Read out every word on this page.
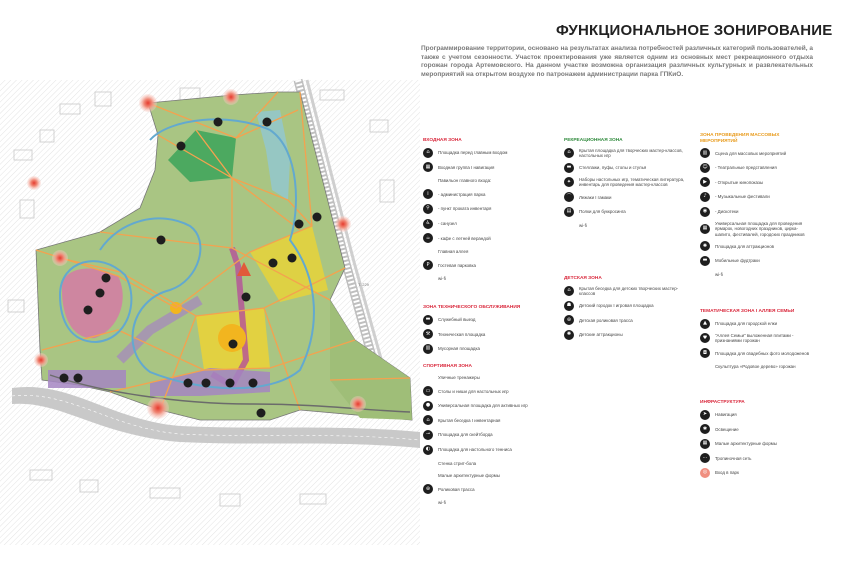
Т. 229
ФУНКЦИОНАЛЬНОЕ ЗОНИРОВАНИЕ
Программирование территории, основано на результатах анализа потребностей различных категорий пользователей, а также с учетом сезонности. Участок проектирования уже является одним из основных мест рекреационного отдыха горожан города Артемовского. На данном участке возможна организация различных культурных и развлекательных мероприятий на открытом воздухе по патронажем администрации парка ГПКиО.
ВХОДНАЯ ЗОНА
⌂	Площадка перед главным входом
▦	Входная группа I навигация
Павильон главного входа:
i	- администрация парка
⚲	- пункт проката инвентаря
♿	- санузел
☕	- кафе с летней верандой
Главная аллея
P	Гостевая парковка
wi-fi
ЗОНА ТЕХНИЧЕСКОГО ОБСЛУЖИВАНИЯ
▬	Служебный выезд
⚒	Техническая площадка
▥	Мусорная площадка
СПОРТИВНАЯ ЗОНА
Уличные тренажеры
▭	Столы и ниши для настольных игр
●	Универсальная площадка для активных игр
⌂	Крытая беседка I инвентарная
⊸	Площадка для скейтборда
◐	Площадка для настольного тенниса
Стенка стрит-бола
Малые архитектурные формы
⊛	Роликовая трасса
wi-fi
РЕКРЕАЦИОННАЯ ЗОНА
⌂	Крытая площадка для творческих мастер-классов, настольных игр
▬	Стеллажи, пуфы, столы и стулья
✦	Наборы настольных игр, тематическая литература, инвентарь для проведения мастер-классов
⌒	Лежаки I гамаки
▤	Полки для буккросинга
wi-fi
ДЕТСКАЯ ЗОНА
⌂	Крытая беседка для детских творческих мастер-классов
☗	Детский городок I игровая площадка
⊛	Детская роликовая трасса
✺	Детские аттракционы
ЗОНА ПРОВЕДЕНИЯ МАССОВЫХ МЕРОПРИЯТИЙ
▥	Сцена для массовых мероприятий
☺	- Театральные представления
▶	- Открытые кинопоказы
♪	- Музыкальные фестивали
◉	- Дискотеки
▦
Универсальная площадка для проведения ярмарок, новогодних праздников, цирка-шапито, фестивалей, городских праздников
✺	Площадка для аттракционов
▬	Мобильные фудтраки
wi-fi
ТЕМАТИЧЕСКАЯ ЗОНА I АЛЛЕЯ СЕМЬИ
▲	Площадка для городской елки
♥	"Аллея Семьи" выложенная плитами - признаниями горожан
◘	Площадка для свадебных фото молодоженов
Скульптура «Родовое дерево» горожан
ИНФРАСТРУКТУРА
➤	Навигация
✱	Освещение
▦	Малые архитектурные формы
⋯	Тропиночная сеть
◎	Вход в парк
